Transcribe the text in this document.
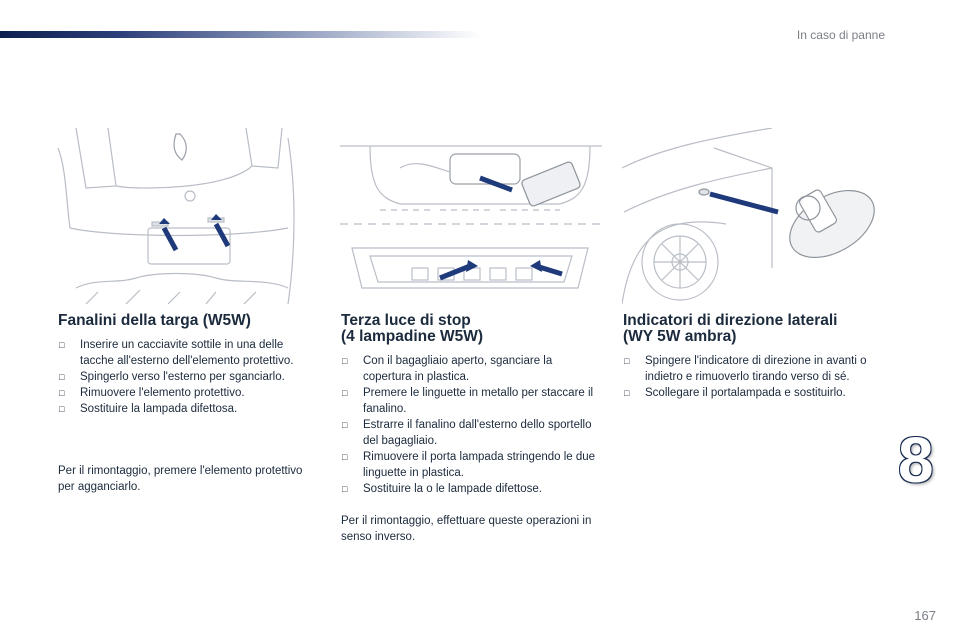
In caso di panne
Fanalini della targa (W5W)
□ Inserire un cacciavite sottile in una delle tacche all'esterno dell'elemento protettivo.
□ Spingerlo verso l'esterno per sganciarlo.
□ Rimuovere l'elemento protettivo.
□ Sostituire la lampada difettosa.
Per il rimontaggio, premere l'elemento protettivo per agganciarlo.
Terza luce di stop
(4 lampadine W5W)
□ Con il bagagliaio aperto, sganciare la copertura in plastica.
□ Premere le linguette in metallo per staccare il fanalino.
□ Estrarre il fanalino dall'esterno dello sportello del bagagliaio.
□ Rimuovere il porta lampada stringendo le due linguette in plastica.
□ Sostituire la o le lampade difettose.
Per il rimontaggio, effettuare queste operazioni in senso inverso.
Indicatori di direzione laterali
(WY 5W ambra)
□ Spingere l'indicatore di direzione in avanti o indietro e rimuoverlo tirando verso di sé.
□ Scollegare il portalampada e sostituirlo.
8
167
